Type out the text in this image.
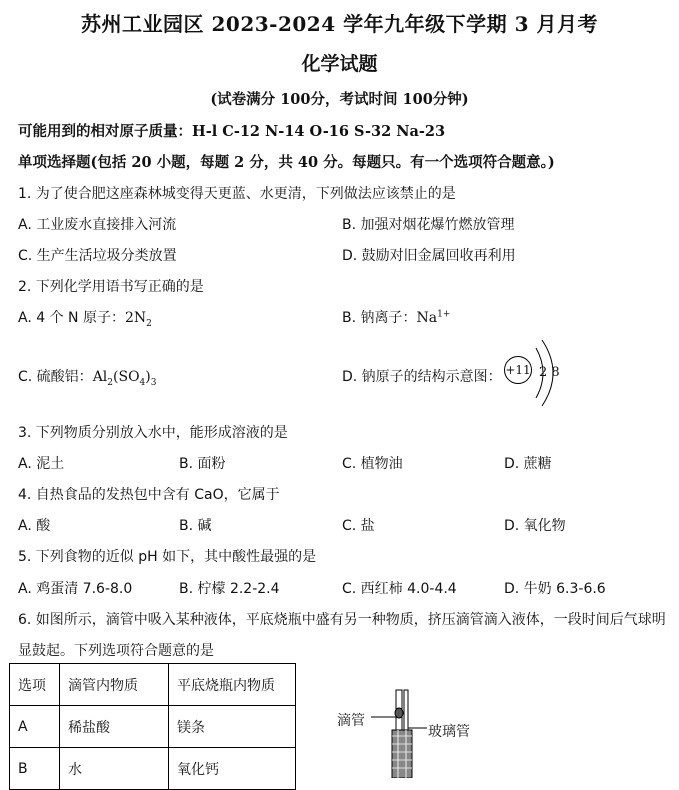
苏州工业园区 2023-2024 学年九年级下学期 3 月月考
化学试题
(试卷满分 100分，考试时间 100分钟)
可能用到的相对原子质量：H-l C-12 N-14 O-16 S-32 Na-23
单项选择题(包括 20 小题，每题 2 分，共 40 分。每题只。有一个选项符合题意。)
1. 为了使合肥这座森林城变得天更蓝、水更清，下列做法应该禁止的是
A. 工业废水直接排入河流	B. 加强对烟花爆竹燃放管理
C. 生产生活垃圾分类放置	D. 鼓励对旧金属回收再利用
2. 下列化学用语书写正确的是
A. 4 个 N 原子：$2N_2$	B. 钠离子：$Na^{1+}$
C. 硫酸铝：$Al_2(SO_4)_3$	D. 钠原子的结构示意图： +11 2 8
3. 下列物质分别放入水中，能形成溶液的是
A. 泥土	B. 面粉	C. 植物油	D. 蔗糖
4. 自热食品的发热包中含有 CaO，它属于
A. 酸	B. 碱	C. 盐	D. 氧化物
5. 下列食物的近似 pH 如下，其中酸性最强的是
A. 鸡蛋清 7.6-8.0	B. 柠檬 2.2-2.4	C. 西红柿 4.0-4.4	D. 牛奶 6.3-6.6
6. 如图所示，滴管中吸入某种液体，平底烧瓶中盛有另一种物质，挤压滴管滴入液体，一段时间后气球明
显鼓起。下列选项符合题意的是
选项	滴管内物质	平底烧瓶内物质
A	稀盐酸	镁条
B	水	氧化钙
滴管
玻璃管
